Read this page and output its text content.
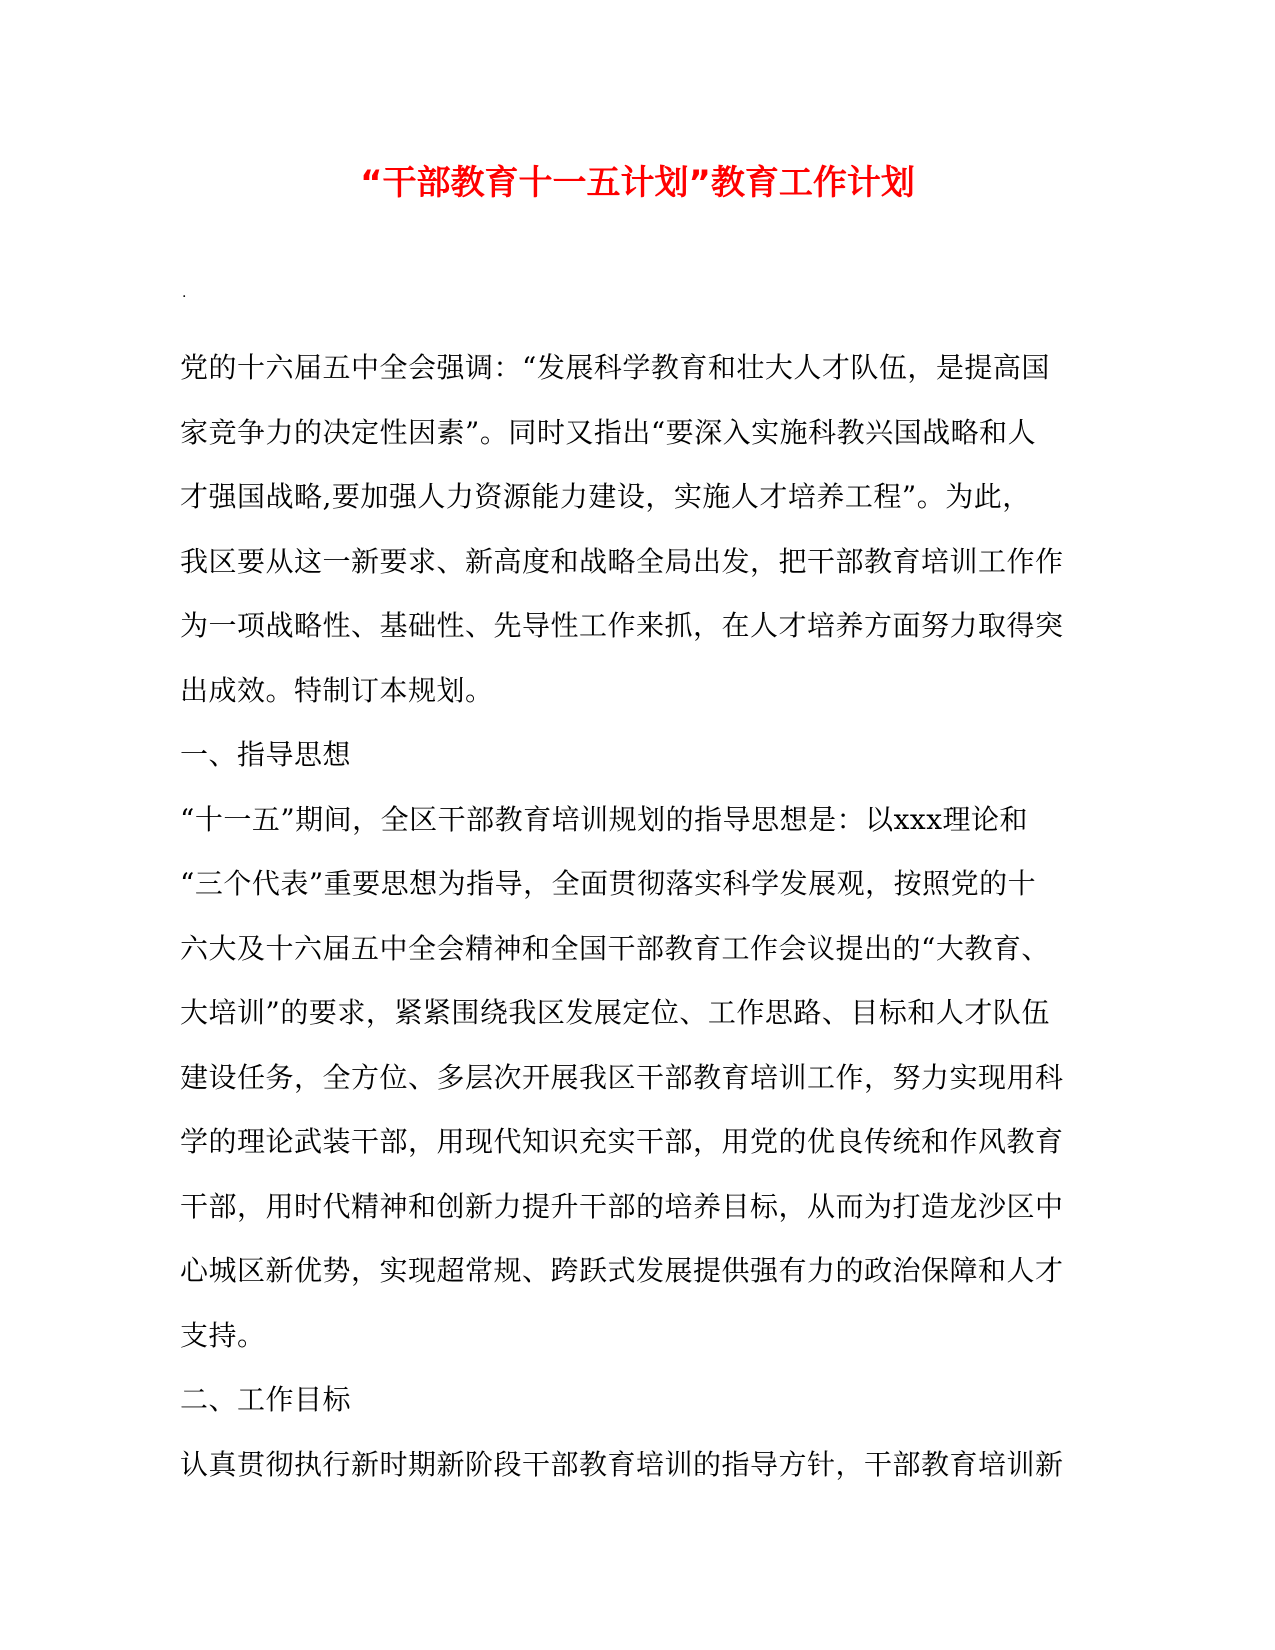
“干部教育十一五计划”教育工作计划
·

党的十六届五中全会强调：“发展科学教育和壮大人才队伍，是提高国

家竞争力的决定性因素”。同时又指出“要深入实施科教兴国战略和人

才强国战略,要加强人力资源能力建设，实施人才培养工程”。为此，

我区要从这一新要求、新高度和战略全局出发，把干部教育培训工作作

为一项战略性、基础性、先导性工作来抓，在人才培养方面努力取得突

出成效。特制订本规划。

一、指导思想

“十一五”期间，全区干部教育培训规划的指导思想是：以xxx理论和

“三个代表”重要思想为指导，全面贯彻落实科学发展观，按照党的十

六大及十六届五中全会精神和全国干部教育工作会议提出的“大教育、

大培训”的要求，紧紧围绕我区发展定位、工作思路、目标和人才队伍

建设任务，全方位、多层次开展我区干部教育培训工作，努力实现用科

学的理论武装干部，用现代知识充实干部，用党的优良传统和作风教育

干部，用时代精神和创新力提升干部的培养目标，从而为打造龙沙区中

心城区新优势，实现超常规、跨跃式发展提供强有力的政治保障和人才

支持。

二、工作目标

认真贯彻执行新时期新阶段干部教育培训的指导方针，干部教育培训新
